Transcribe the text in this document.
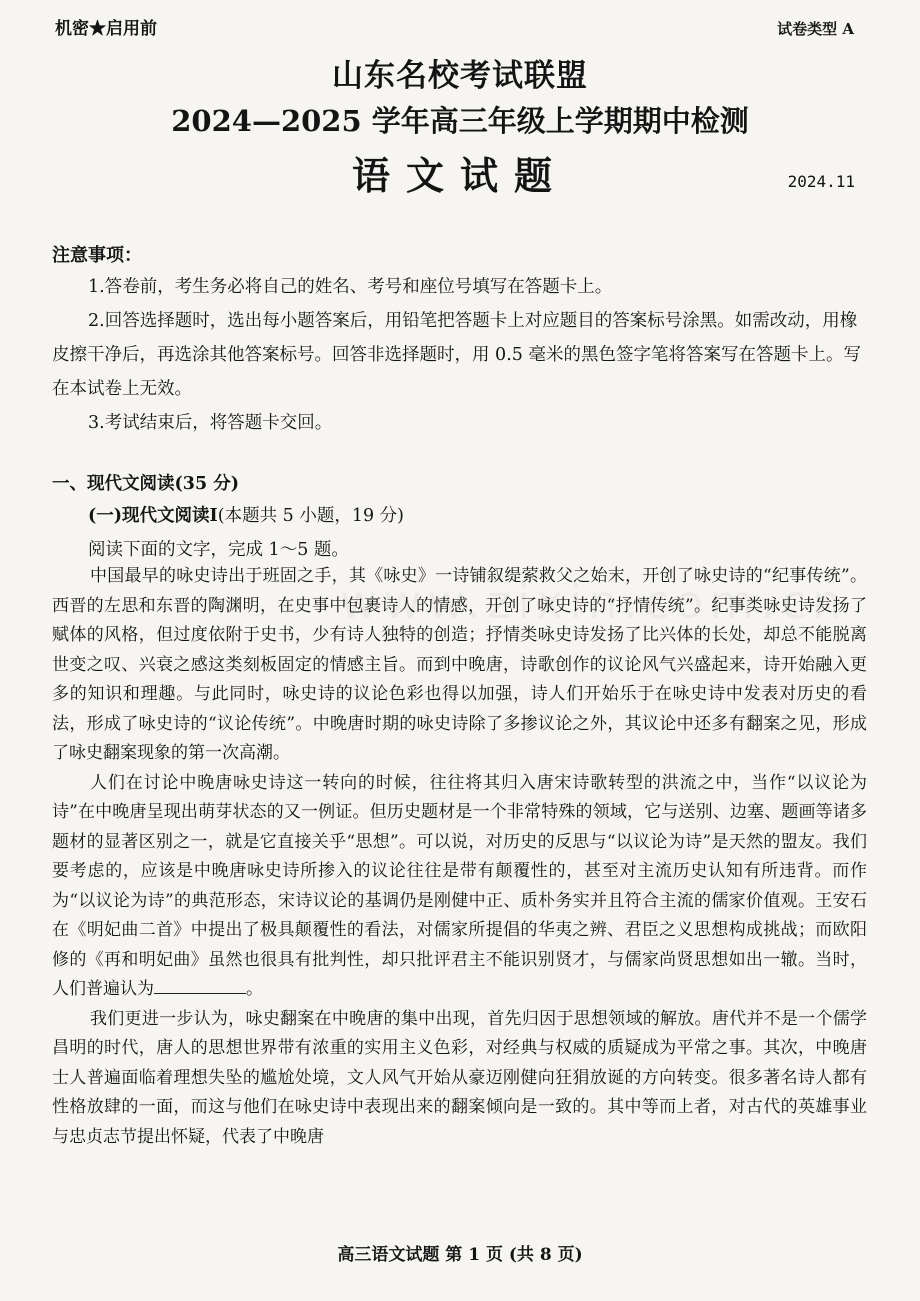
机密★启用前	试卷类型 A
山东名校考试联盟
2024—2025 学年高三年级上学期期中检测
语文试题	2024.11
注意事项：

1.答卷前，考生务必将自己的姓名、考号和座位号填写在答题卡上。

2.回答选择题时，选出每小题答案后，用铅笔把答题卡上对应题目的答案标号涂黑。如需改动，用橡皮擦干净后，再选涂其他答案标号。回答非选择题时，用 0.5 毫米的黑色签字笔将答案写在答题卡上。写在本试卷上无效。

3.考试结束后，将答题卡交回。

一、现代文阅读(35 分)
(一)现代文阅读Ⅰ(本题共 5 小题，19 分)
阅读下面的文字，完成 1～5 题。

中国最早的咏史诗出于班固之手，其《咏史》一诗铺叙缇萦救父之始末，开创了咏史诗的“纪事传统”。西晋的左思和东晋的陶渊明，在史事中包裹诗人的情感，开创了咏史诗的“抒情传统”。纪事类咏史诗发扬了赋体的风格，但过度依附于史书，少有诗人独特的创造；抒情类咏史诗发扬了比兴体的长处，却总不能脱离世变之叹、兴衰之感这类刻板固定的情感主旨。而到中晚唐，诗歌创作的议论风气兴盛起来，诗开始融入更多的知识和理趣。与此同时，咏史诗的议论色彩也得以加强，诗人们开始乐于在咏史诗中发表对历史的看法，形成了咏史诗的“议论传统”。中晚唐时期的咏史诗除了多掺议论之外，其议论中还多有翻案之见，形成了咏史翻案现象的第一次高潮。

人们在讨论中晚唐咏史诗这一转向的时候，往往将其归入唐宋诗歌转型的洪流之中，当作“以议论为诗”在中晚唐呈现出萌芽状态的又一例证。但历史题材是一个非常特殊的领域，它与送别、边塞、题画等诸多题材的显著区别之一，就是它直接关乎“思想”。可以说，对历史的反思与“以议论为诗”是天然的盟友。我们要考虑的，应该是中晚唐咏史诗所掺入的议论往往是带有颠覆性的，甚至对主流历史认知有所违背。而作为“以议论为诗”的典范形态，宋诗议论的基调仍是刚健中正、质朴务实并且符合主流的儒家价值观。王安石在《明妃曲二首》中提出了极具颠覆性的看法，对儒家所提倡的华夷之辨、君臣之义思想构成挑战；而欧阳修的《再和明妃曲》虽然也很具有批判性，却只批评君主不能识别贤才，与儒家尚贤思想如出一辙。当时，人们普遍认为	。

我们更进一步认为，咏史翻案在中晚唐的集中出现，首先归因于思想领域的解放。唐代并不是一个儒学昌明的时代，唐人的思想世界带有浓重的实用主义色彩，对经典与权威的质疑成为平常之事。其次，中晚唐士人普遍面临着理想失坠的尴尬处境，文人风气开始从豪迈刚健向狂狷放诞的方向转变。很多著名诗人都有性格放肆的一面，而这与他们在咏史诗中表现出来的翻案倾向是一致的。其中等而上者，对古代的英雄事业与忠贞志节提出怀疑，代表了中晚唐

高三语文试题 第 1 页 (共 8 页)
